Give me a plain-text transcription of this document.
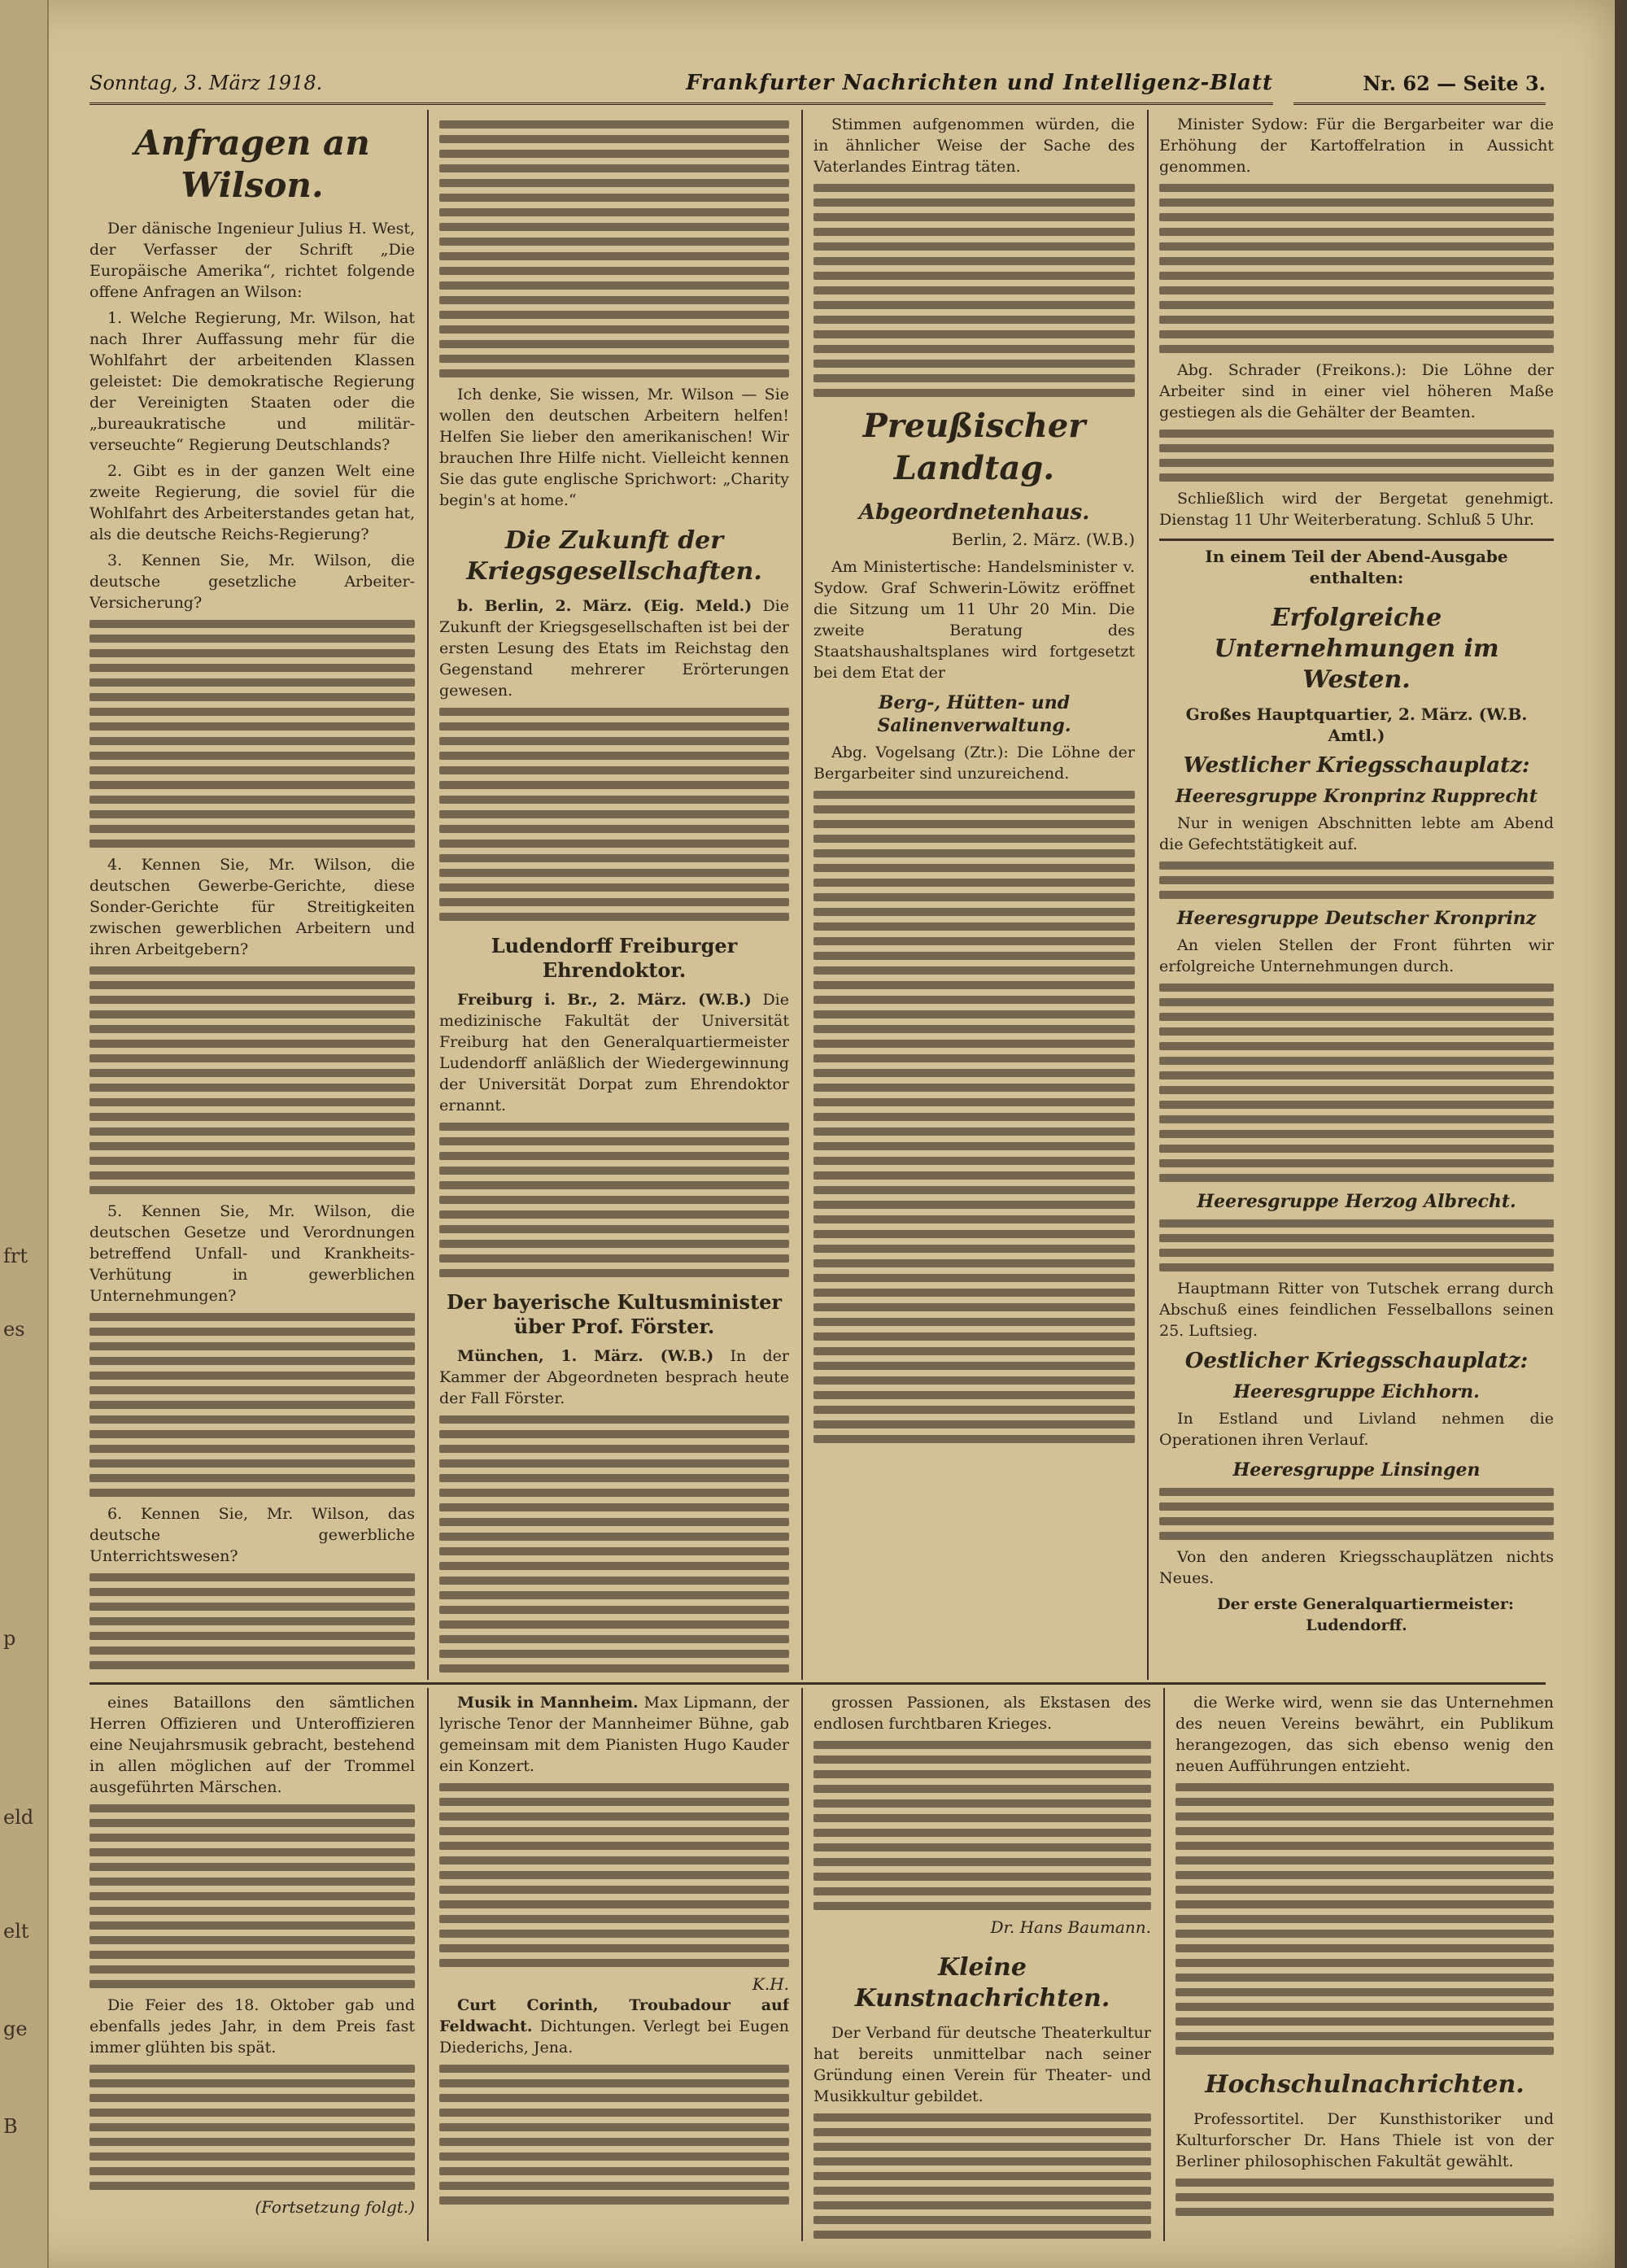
frt
es
p
eld
elt
ge
B
Sonntag, 3. März 1918.	Frankfurter Nachrichten und Intelligenz-Blatt	Nr. 62 — Seite 3.
Anfragen an Wilson.

Der dänische Ingenieur Julius H. West, der Verfasser der Schrift „Die Europäische Amerika“, richtet folgende offene Anfragen an Wilson:

1. Welche Regierung, Mr. Wilson, hat nach Ihrer Auffassung mehr für die Wohlfahrt der arbeitenden Klassen geleistet: Die demokratische Regierung der Vereinigten Staaten oder die „bureaukratische und militär-verseuchte“ Regierung Deutschlands?

2. Gibt es in der ganzen Welt eine zweite Regierung, die soviel für die Wohlfahrt des Arbeiterstandes getan hat, als die deutsche Reichs-Regierung?

3. Kennen Sie, Mr. Wilson, die deutsche gesetzliche Arbeiter-Versicherung?

4. Kennen Sie, Mr. Wilson, die deutschen Gewerbe-Gerichte, diese Sonder-Gerichte für Streitigkeiten zwischen gewerblichen Arbeitern und ihren Arbeitgebern?

5. Kennen Sie, Mr. Wilson, die deutschen Gesetze und Verordnungen betreffend Unfall- und Krankheits-Verhütung in gewerblichen Unternehmungen?

6. Kennen Sie, Mr. Wilson, das deutsche gewerbliche Unterrichtswesen?

Ich denke, Sie wissen, Mr. Wilson — Sie wollen den deutschen Arbeitern helfen! Helfen Sie lieber den amerikanischen! Wir brauchen Ihre Hilfe nicht. Vielleicht kennen Sie das gute englische Sprichwort: „Charity begin's at home.“

Die Zukunft der Kriegsgesellschaften.

b. Berlin, 2. März. (Eig. Meld.) Die Zukunft der Kriegsgesellschaften ist bei der ersten Lesung des Etats im Reichstag den Gegenstand mehrerer Erörterungen gewesen.

Ludendorff Freiburger Ehrendoktor.

Freiburg i. Br., 2. März. (W.B.) Die medizinische Fakultät der Universität Freiburg hat den Generalquartiermeister Ludendorff anläßlich der Wiedergewinnung der Universität Dorpat zum Ehrendoktor ernannt.

Der bayerische Kultusminister über Prof. Förster.

München, 1. März. (W.B.) In der Kammer der Abgeordneten besprach heute der Fall Förster.

Stimmen aufgenommen würden, die in ähnlicher Weise der Sache des Vaterlandes Eintrag täten.

Preußischer Landtag.
Abgeordnetenhaus.
Berlin, 2. März. (W.B.)

Am Ministertische: Handelsminister v. Sydow. Graf Schwerin-Löwitz eröffnet die Sitzung um 11 Uhr 20 Min. Die zweite Beratung des Staatshaushaltsplanes wird fortgesetzt bei dem Etat der

Berg-, Hütten- und Salinenverwaltung.

Abg. Vogelsang (Ztr.): Die Löhne der Bergarbeiter sind unzureichend.

Minister Sydow: Für die Bergarbeiter war die Erhöhung der Kartoffelration in Aussicht genommen.

Abg. Schrader (Freikons.): Die Löhne der Arbeiter sind in einer viel höheren Maße gestiegen als die Gehälter der Beamten.

Schließlich wird der Bergetat genehmigt. Dienstag 11 Uhr Weiterberatung. Schluß 5 Uhr.

In einem Teil der Abend-Ausgabe enthalten:
Erfolgreiche Unternehmungen im Westen.
Großes Hauptquartier, 2. März. (W.B. Amtl.)
Westlicher Kriegsschauplatz:
Heeresgruppe Kronprinz Rupprecht

Nur in wenigen Abschnitten lebte am Abend die Gefechtstätigkeit auf.

Heeresgruppe Deutscher Kronprinz

An vielen Stellen der Front führten wir erfolgreiche Unternehmungen durch.

Heeresgruppe Herzog Albrecht.

Hauptmann Ritter von Tutschek errang durch Abschuß eines feindlichen Fesselballons seinen 25. Luftsieg.

Oestlicher Kriegsschauplatz:
Heeresgruppe Eichhorn.

In Estland und Livland nehmen die Operationen ihren Verlauf.

Heeresgruppe Linsingen

Von den anderen Kriegsschauplätzen nichts Neues.

Der erste Generalquartiermeister: Ludendorff.

eines Bataillons den sämtlichen Herren Offizieren und Unteroffizieren eine Neujahrsmusik gebracht, bestehend in allen möglichen auf der Trommel ausgeführten Märschen.

Die Feier des 18. Oktober gab und ebenfalls jedes Jahr, in dem Preis fast immer glühten bis spät.

(Fortsetzung folgt.)

Musik in Mannheim. Max Lipmann, der lyrische Tenor der Mannheimer Bühne, gab gemeinsam mit dem Pianisten Hugo Kauder ein Konzert.

K.H.

Curt Corinth, Troubadour auf Feldwacht. Dichtungen. Verlegt bei Eugen Diederichs, Jena.

grossen Passionen, als Ekstasen des endlosen furchtbaren Krieges.

Dr. Hans Baumann.
Kleine Kunstnachrichten.

Der Verband für deutsche Theaterkultur hat bereits unmittelbar nach seiner Gründung einen Verein für Theater- und Musikkultur gebildet.

die Werke wird, wenn sie das Unternehmen des neuen Vereins bewährt, ein Publikum herangezogen, das sich ebenso wenig den neuen Aufführungen entzieht.

Hochschulnachrichten.

Professortitel. Der Kunsthistoriker und Kulturforscher Dr. Hans Thiele ist von der Berliner philosophischen Fakultät gewählt.
